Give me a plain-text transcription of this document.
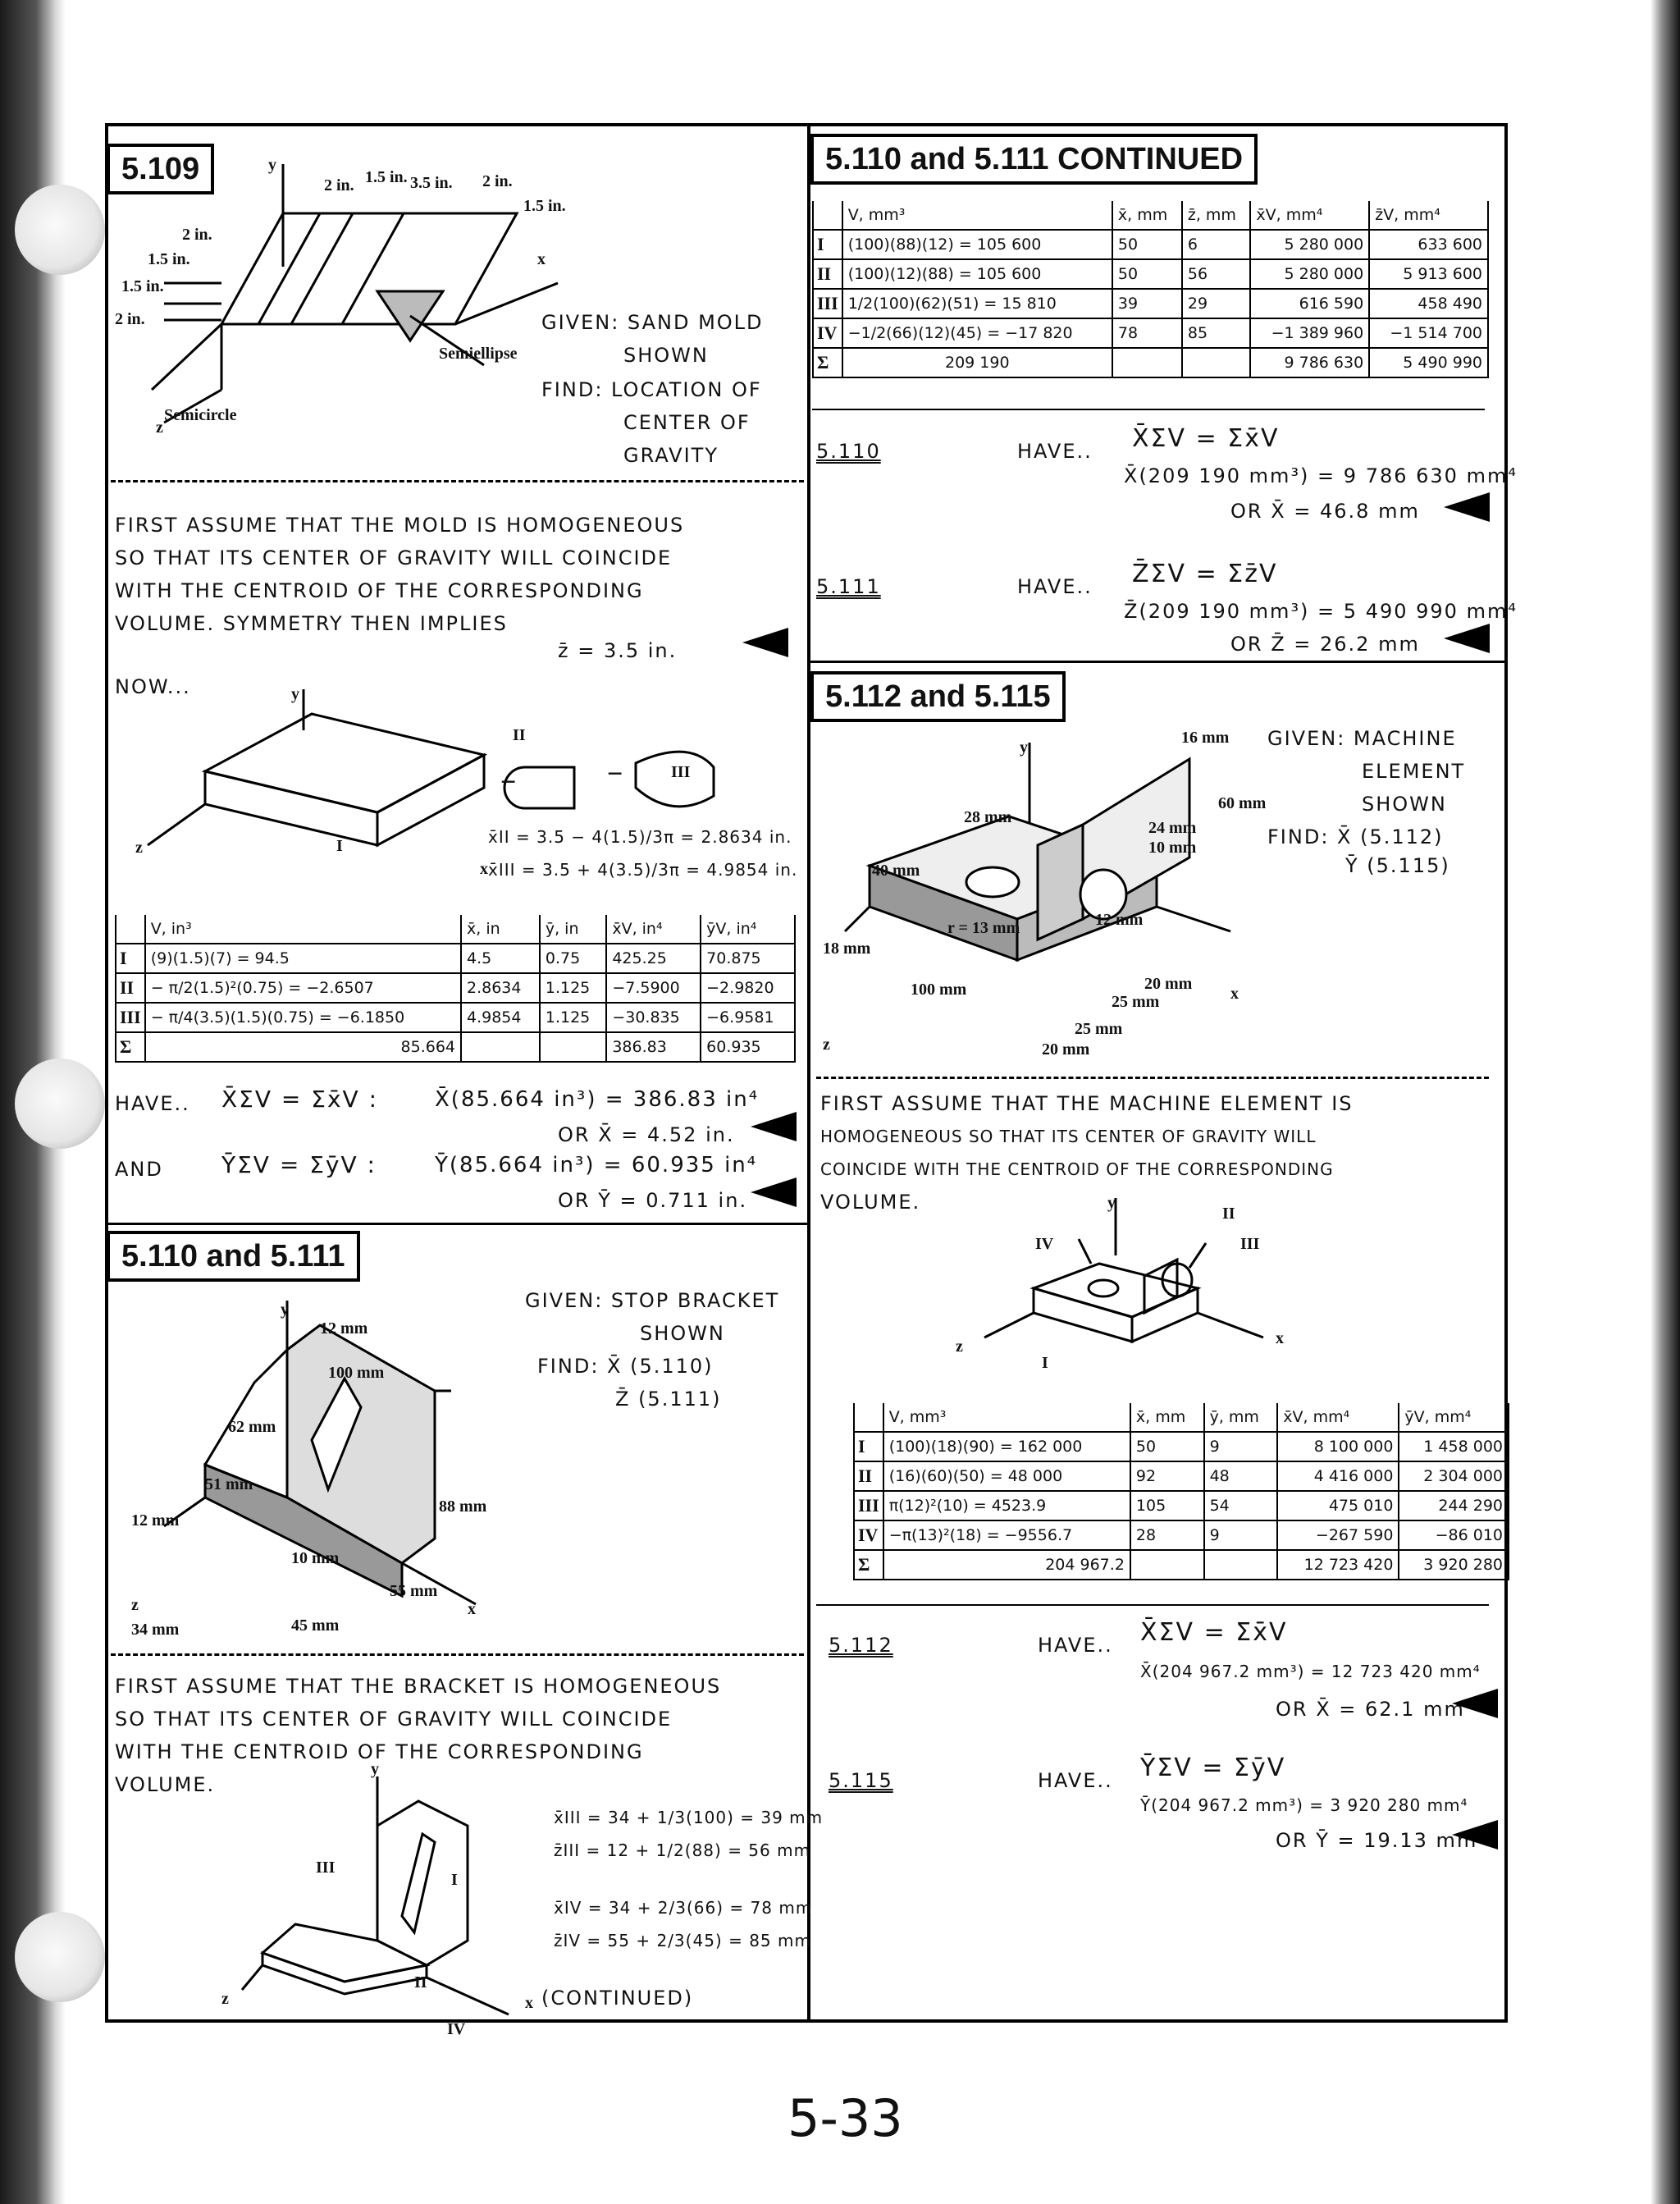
5.109	y
2 in. 1.5 in. 3.5 in. 2 in.
1.5 in.
2 in.
1.5 in.
1.5 in.
2 in.
x
z
Semiellipse
Semicircle
GIVEN: SAND MOLD
SHOWN
FIND: LOCATION OF
CENTER OF
GRAVITY
FIRST ASSUME THAT THE MOLD IS HOMOGENEOUS
SO THAT ITS CENTER OF GRAVITY WILL COINCIDE
WITH THE CENTROID OF THE CORRESPONDING
VOLUME. SYMMETRY THEN IMPLIES
z̄ = 3.5 in.
NOW...	y
z
x
I
II
III
−	−
x̄II = 3.5 − 4(1.5)/3π = 2.8634 in.
x̄III = 3.5 + 4(3.5)/3π = 4.9854 in.
	V, in³	x̄, in	ȳ, in	x̄V, in⁴	ȳV, in⁴
I	(9)(1.5)(7) = 94.5	4.5	0.75	425.25	70.875
II	− π/2(1.5)²(0.75) = −2.6507	2.8634	1.125	−7.5900	−2.9820
III	− π/4(3.5)(1.5)(0.75) = −6.1850	4.9854	1.125	−30.835	−6.9581
Σ	85.664			386.83	60.935
HAVE.. X̄ΣV = Σx̄V :	X̄(85.664 in³) = 386.83 in⁴
OR X̄ = 4.52 in.
AND	ȲΣV = ΣȳV :	Ȳ(85.664 in³) = 60.935 in⁴
OR Ȳ = 0.711 in.
5.110 and 5.111
y
12 mm
100 mm
62 mm
51 mm
12 mm
10 mm
88 mm
55 mm
34 mm	45 mm
z	x
GIVEN: STOP BRACKET
SHOWN
FIND: X̄ (5.110)
Z̄ (5.111)
FIRST ASSUME THAT THE BRACKET IS HOMOGENEOUS
SO THAT ITS CENTER OF GRAVITY WILL COINCIDE
WITH THE CENTROID OF THE CORRESPONDING
VOLUME.
y
I
II
III
IV
z	x
x̄III = 34 + 1/3(100) = 39 mm
z̄III = 12 + 1/2(88) = 56 mm
x̄IV = 34 + 2/3(66) = 78 mm
z̄IV = 55 + 2/3(45) = 85 mm
(CONTINUED)
5.110 and 5.111 CONTINUED
	V, mm³	x̄, mm	z̄, mm	x̄V, mm⁴	z̄V, mm⁴
I	(100)(88)(12) = 105 600	50	6	5 280 000	633 600
II	(100)(12)(88) = 105 600	50	56	5 280 000	5 913 600
III	1/2(100)(62)(51) = 15 810	39	29	616 590	458 490
IV	−1/2(66)(12)(45) = −17 820	78	85	−1 389 960	−1 514 700
Σ	209 190			9 786 630	5 490 990
5.110	HAVE.. X̄ΣV = Σx̄V
X̄(209 190 mm³) = 9 786 630 mm⁴
OR X̄ = 46.8 mm
5.111	HAVE.. Z̄ΣV = Σz̄V
Z̄(209 190 mm³) = 5 490 990 mm⁴
OR Z̄ = 26.2 mm
5.112 and 5.115
y
16 mm
60 mm
28 mm
24 mm
10 mm
40 mm
r = 13 mm	12 mm
18 mm
100 mm	20 mm
25 mm
25 mm
20 mm
z
x
GIVEN: MACHINE
ELEMENT
SHOWN
FIND: X̄ (5.112)
Ȳ (5.115)
FIRST ASSUME THAT THE MACHINE ELEMENT IS
HOMOGENEOUS SO THAT ITS CENTER OF GRAVITY WILL
COINCIDE WITH THE CENTROID OF THE CORRESPONDING
VOLUME.	y
I
II
III
IV
z	x
	V, mm³	x̄, mm	ȳ, mm	x̄V, mm⁴	ȳV, mm⁴
I	(100)(18)(90) = 162 000	50	9	8 100 000	1 458 000
II	(16)(60)(50) = 48 000	92	48	4 416 000	2 304 000
III	π(12)²(10) = 4523.9	105	54	475 010	244 290
IV	−π(13)²(18) = −9556.7	28	9	−267 590	−86 010
Σ	204 967.2			12 723 420	3 920 280
5.112	HAVE.. X̄ΣV = Σx̄V
X̄(204 967.2 mm³) = 12 723 420 mm⁴
OR X̄ = 62.1 mm
5.115	HAVE.. ȲΣV = ΣȳV
Ȳ(204 967.2 mm³) = 3 920 280 mm⁴
OR Ȳ = 19.13 mm
5-33
